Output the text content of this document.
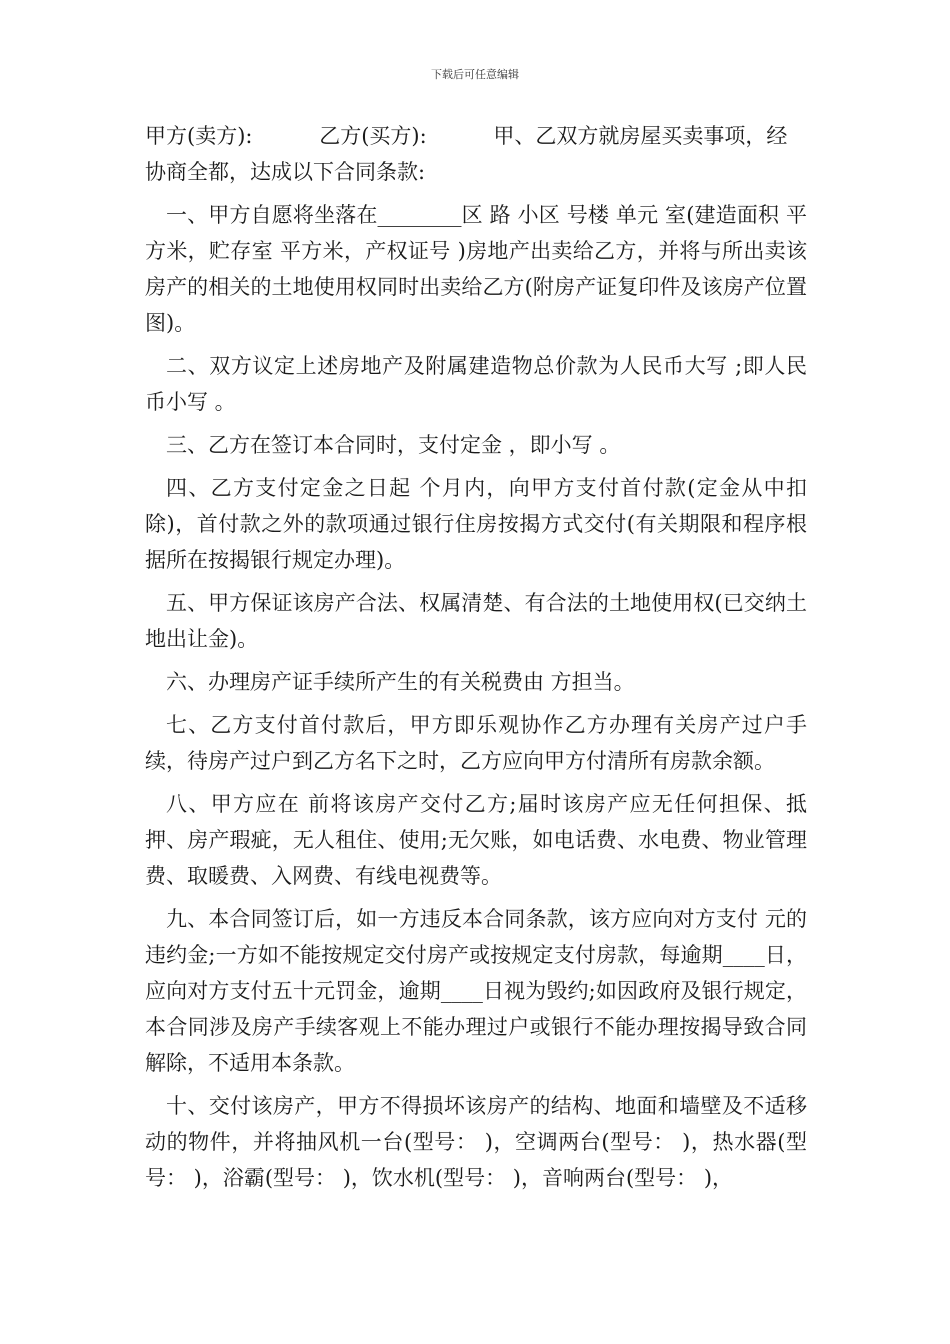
下载后可任意编辑

甲方(卖方):          乙方(买方):          甲、乙双方就房屋买卖事项，经

协商全都，达成以下合同条款:

一、甲方自愿将坐落在________区 路 小区 号楼 单元 室(建造面积 平方米，贮存室 平方米，产权证号 )房地产出卖给乙方，并将与所出卖该房产的相关的土地使用权同时出卖给乙方(附房产证复印件及该房产位置图)。

二、双方议定上述房地产及附属建造物总价款为人民币大写 ;即人民币小写 。

三、乙方在签订本合同时，支付定金 ，即小写 。

四、乙方支付定金之日起 个月内，向甲方支付首付款(定金从中扣除)，首付款之外的款项通过银行住房按揭方式交付(有关期限和程序根据所在按揭银行规定办理)。

五、甲方保证该房产合法、权属清楚、有合法的土地使用权(已交纳土地出让金)。

六、办理房产证手续所产生的有关税费由 方担当。

七、乙方支付首付款后，甲方即乐观协作乙方办理有关房产过户手续，待房产过户到乙方名下之时，乙方应向甲方付清所有房款余额。

八、甲方应在 前将该房产交付乙方;届时该房产应无任何担保、抵押、房产瑕疵，无人租住、使用;无欠账，如电话费、水电费、物业管理费、取暖费、入网费、有线电视费等。

九、本合同签订后，如一方违反本合同条款，该方应向对方支付 元的违约金;一方如不能按规定交付房产或按规定支付房款，每逾期____日，应向对方支付五十元罚金，逾期____日视为毁约;如因政府及银行规定，本合同涉及房产手续客观上不能办理过户或银行不能办理按揭导致合同解除，不适用本条款。

十、交付该房产，甲方不得损坏该房产的结构、地面和墙壁及不适移动的物件，并将抽风机一台(型号： )，空调两台(型号： )，热水器(型号： )，浴霸(型号： )，饮水机(型号： )，音响两台(型号： )，
